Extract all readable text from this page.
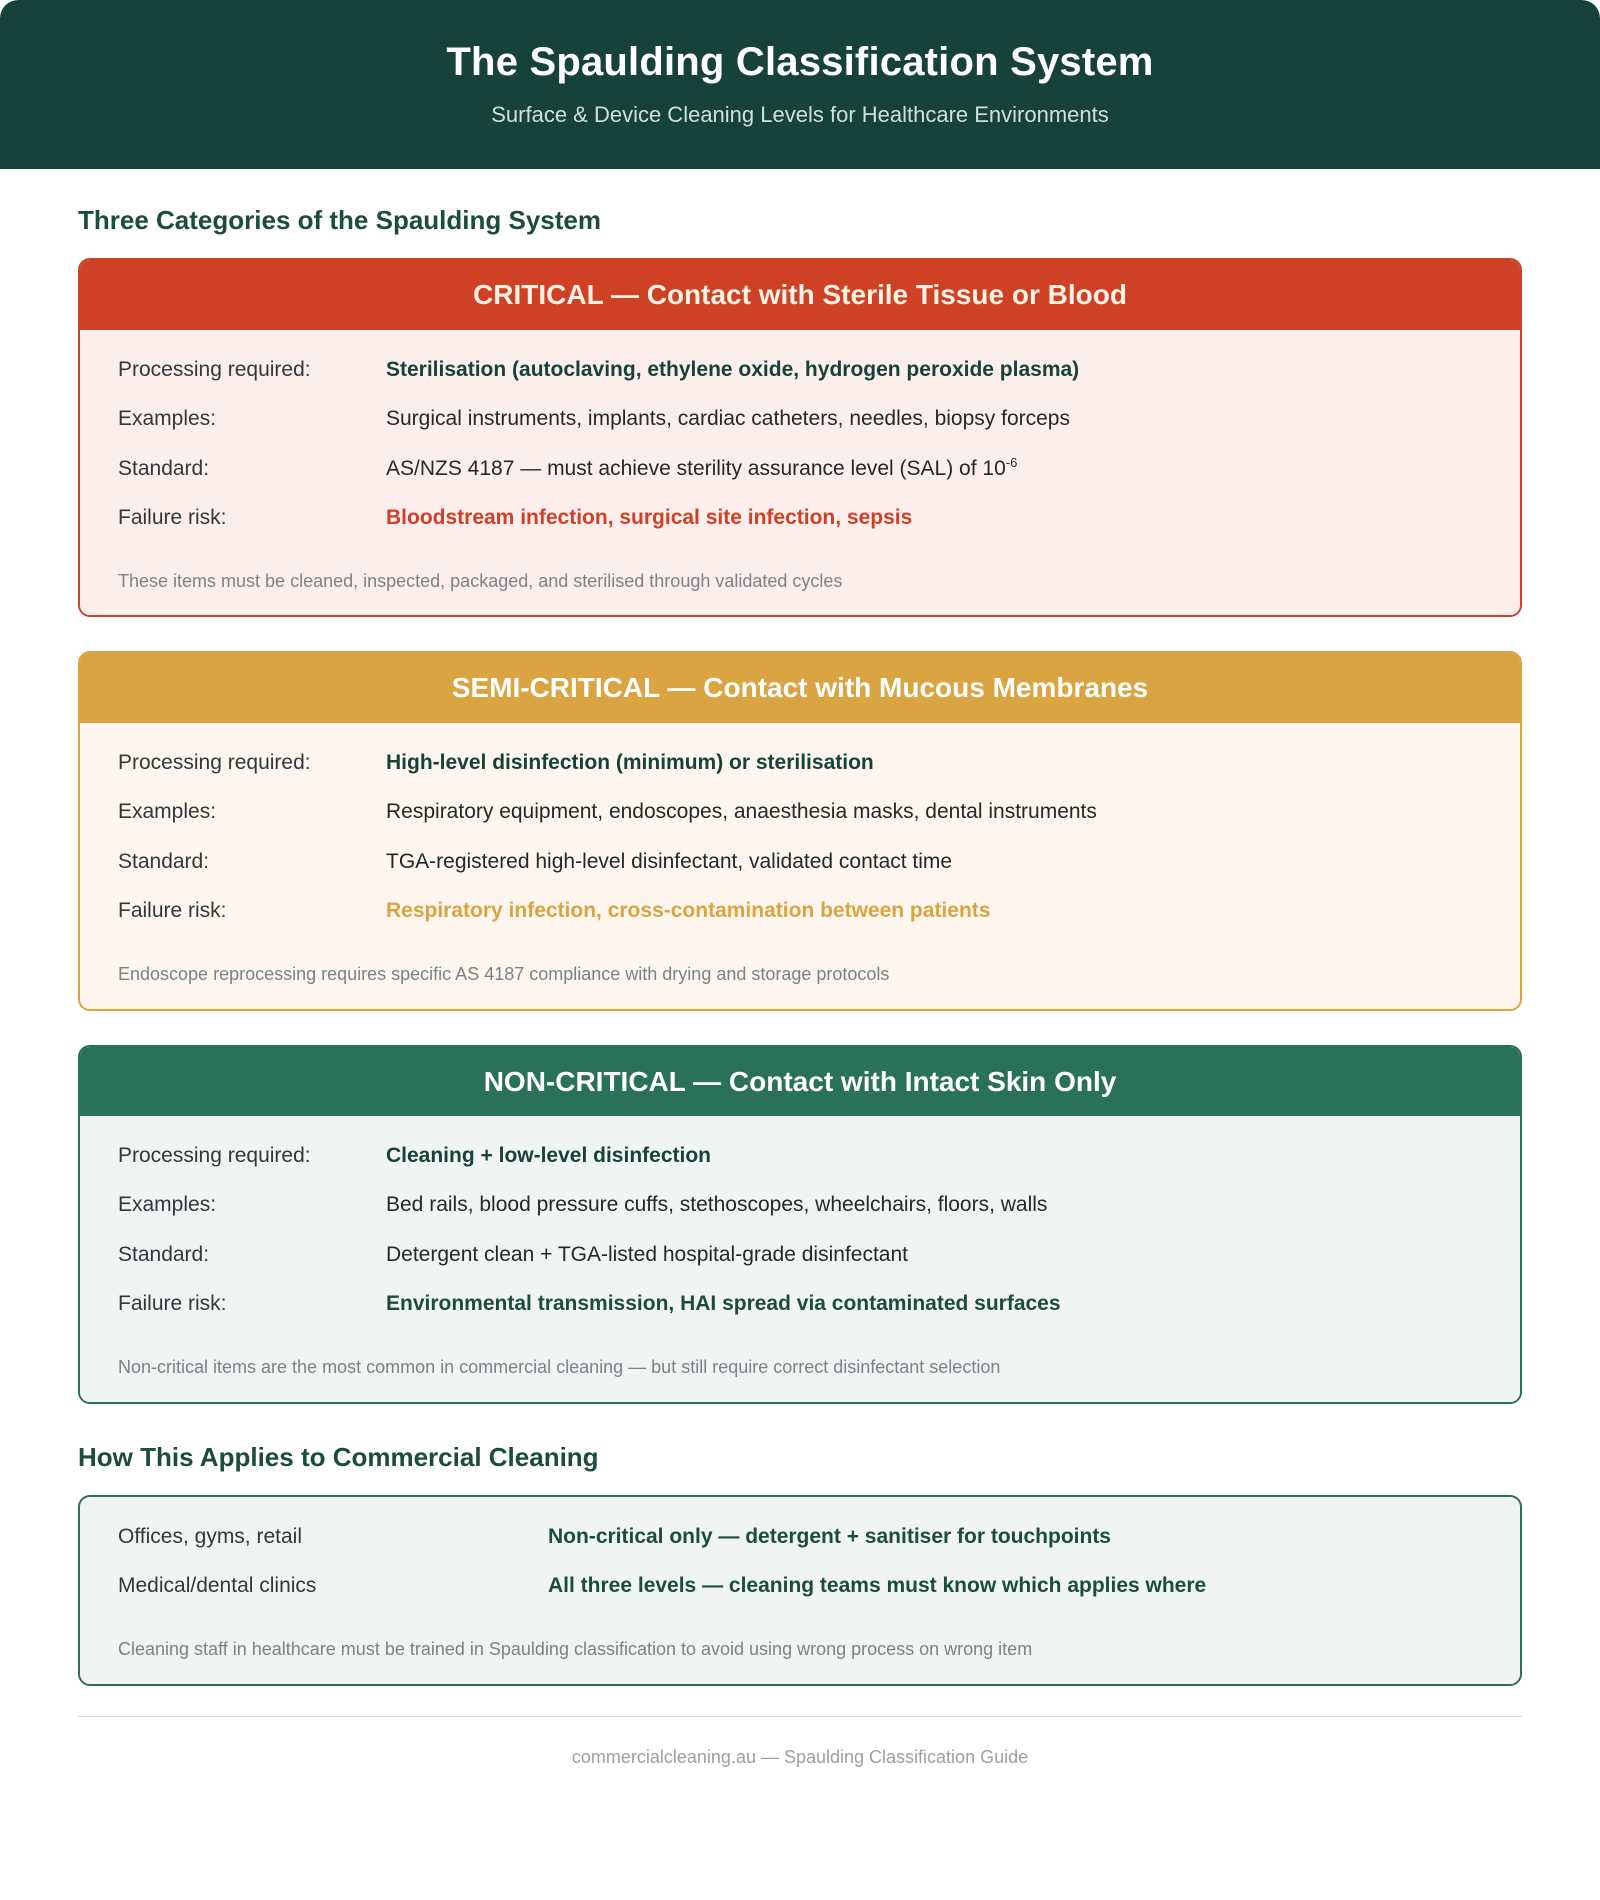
The Spaulding Classification System
Surface & Device Cleaning Levels for Healthcare Environments
Three Categories of the Spaulding System
CRITICAL — Contact with Sterile Tissue or Blood
Processing required:	Sterilisation (autoclaving, ethylene oxide, hydrogen peroxide plasma)
Examples:	Surgical instruments, implants, cardiac catheters, needles, biopsy forceps
Standard:	AS/NZS 4187 — must achieve sterility assurance level (SAL) of $10^{-6}$
Failure risk:	Bloodstream infection, surgical site infection, sepsis
These items must be cleaned, inspected, packaged, and sterilised through validated cycles
SEMI-CRITICAL — Contact with Mucous Membranes
Processing required:	High-level disinfection (minimum) or sterilisation
Examples:	Respiratory equipment, endoscopes, anaesthesia masks, dental instruments
Standard:	TGA-registered high-level disinfectant, validated contact time
Failure risk:	Respiratory infection, cross-contamination between patients
Endoscope reprocessing requires specific AS 4187 compliance with drying and storage protocols
NON-CRITICAL — Contact with Intact Skin Only
Processing required:	Cleaning + low-level disinfection
Examples:	Bed rails, blood pressure cuffs, stethoscopes, wheelchairs, floors, walls
Standard:	Detergent clean + TGA-listed hospital-grade disinfectant
Failure risk:	Environmental transmission, HAI spread via contaminated surfaces
Non-critical items are the most common in commercial cleaning — but still require correct disinfectant selection
How This Applies to Commercial Cleaning
Offices, gyms, retail	Non-critical only — detergent + sanitiser for touchpoints
Medical/dental clinics	All three levels — cleaning teams must know which applies where
Cleaning staff in healthcare must be trained in Spaulding classification to avoid using wrong process on wrong item
commercialcleaning.au — Spaulding Classification Guide
